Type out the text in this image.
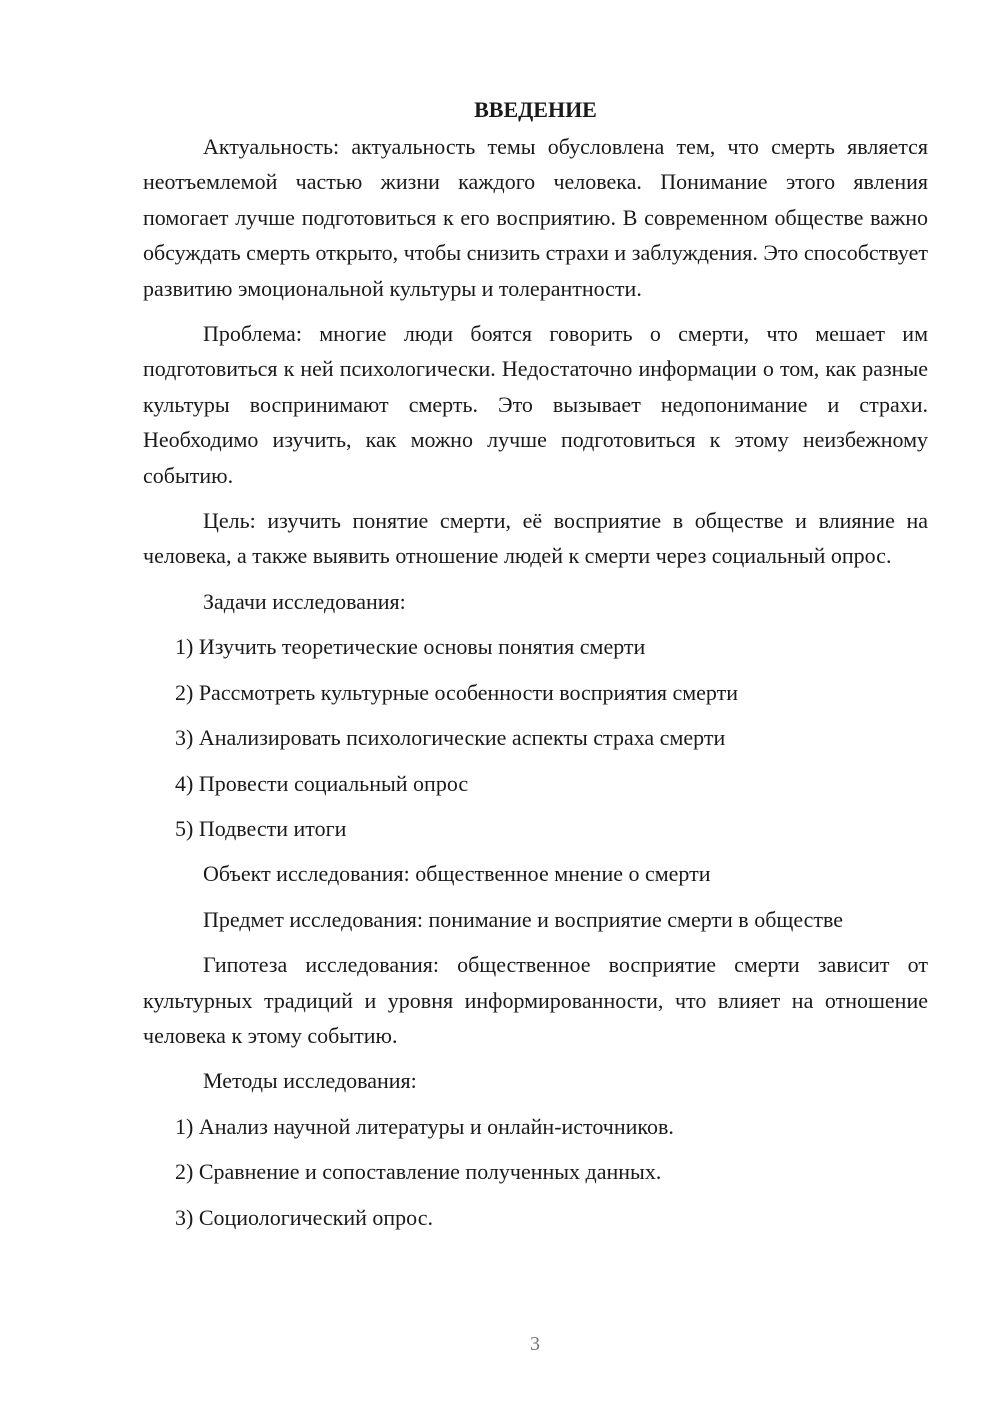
ВВЕДЕНИЕ

Актуальность: актуальность темы обусловлена тем, что смерть является неотъемлемой частью жизни каждого человека. Понимание этого явления помогает лучше подготовиться к его восприятию. В современном обществе важно обсуждать смерть открыто, чтобы снизить страхи и заблуждения. Это способствует развитию эмоциональной культуры и толерантности.

Проблема: многие люди боятся говорить о смерти, что мешает им подготовиться к ней психологически. Недостаточно информации о том, как разные культуры воспринимают смерть. Это вызывает недопонимание и страхи. Необходимо изучить, как можно лучше подготовиться к этому неизбежному событию.

Цель: изучить понятие смерти, её восприятие в обществе и влияние на человека, а также выявить отношение людей к смерти через социальный опрос.

Задачи исследования:

1) Изучить теоретические основы понятия смерти

2) Рассмотреть культурные особенности восприятия смерти

3) Анализировать психологические аспекты страха смерти

4) Провести социальный опрос

5) Подвести итоги

Объект исследования: общественное мнение о смерти

Предмет исследования: понимание и восприятие смерти в обществе

Гипотеза исследования: общественное восприятие смерти зависит от культурных традиций и уровня информированности, что влияет на отношение человека к этому событию.

Методы исследования:

1) Анализ научной литературы и онлайн-источников.

2) Сравнение и сопоставление полученных данных.

3) Социологический опрос.

3
